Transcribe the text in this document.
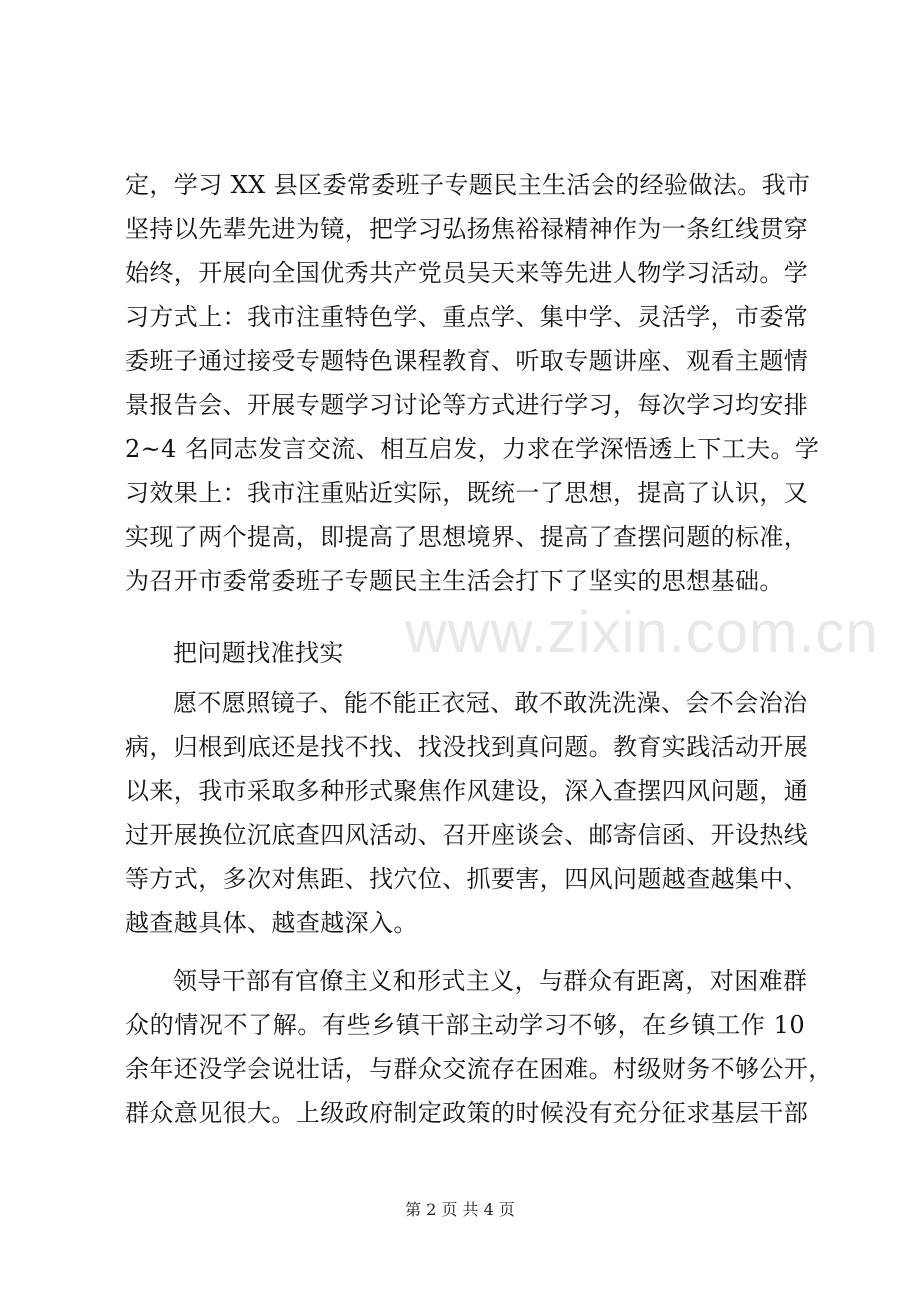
www.zixin.com.cn
定，学习 XX 县区委常委班子专题民主生活会的经验做法。我市
坚持以先辈先进为镜，把学习弘扬焦裕禄精神作为一条红线贯穿
始终，开展向全国优秀共产党员吴天来等先进人物学习活动。学
习方式上：我市注重特色学、重点学、集中学、灵活学，市委常
委班子通过接受专题特色课程教育、听取专题讲座、观看主题情
景报告会、开展专题学习讨论等方式进行学习，每次学习均安排
2~4 名同志发言交流、相互启发，力求在学深悟透上下工夫。学
习效果上：我市注重贴近实际，既统一了思想，提高了认识，又
实现了两个提高，即提高了思想境界、提高了查摆问题的标准，
为召开市委常委班子专题民主生活会打下了坚实的思想基础。
把问题找准找实
愿不愿照镜子、能不能正衣冠、敢不敢洗洗澡、会不会治治
病，归根到底还是找不找、找没找到真问题。教育实践活动开展
以来，我市采取多种形式聚焦作风建设，深入查摆四风问题，通
过开展换位沉底查四风活动、召开座谈会、邮寄信函、开设热线
等方式，多次对焦距、找穴位、抓要害，四风问题越查越集中、
越查越具体、越查越深入。
领导干部有官僚主义和形式主义，与群众有距离，对困难群
众的情况不了解。有些乡镇干部主动学习不够，在乡镇工作 10
余年还没学会说壮话，与群众交流存在困难。村级财务不够公开，
群众意见很大。上级政府制定政策的时候没有充分征求基层干部
第 2 页 共 4 页
